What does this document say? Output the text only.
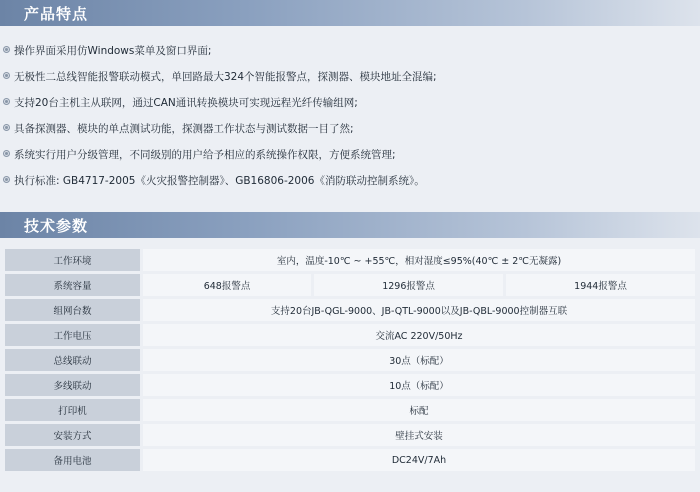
产品特点
操作界面采用仿Windows菜单及窗口界面;
无极性二总线智能报警联动模式，单回路最大324个智能报警点，探测器、模块地址全混编;
支持20台主机主从联网，通过CAN通讯转换模块可实现远程光纤传输组网;
具备探测器、模块的单点测试功能，探测器工作状态与测试数据一目了然;
系统实行用户分级管理，不同级别的用户给予相应的系统操作权限，方便系统管理;
执行标准: GB4717-2005《火灾报警控制器》、GB16806-2006《消防联动控制系统》。
技术参数
工作环境	室内，温度-10℃ ~ +55℃，相对湿度≤95%(40℃ ± 2℃无凝露)		
系统容量	648报警点	1296报警点	1944报警点
组网台数	支持20台JB-QGL-9000、JB-QTL-9000以及JB-QBL-9000控制器互联		
工作电压	交流AC 220V/50Hz		
总线联动	30点（标配）		
多线联动	10点（标配）		
打印机	标配		
安装方式	壁挂式安装		
备用电池	DC24V/7Ah		
